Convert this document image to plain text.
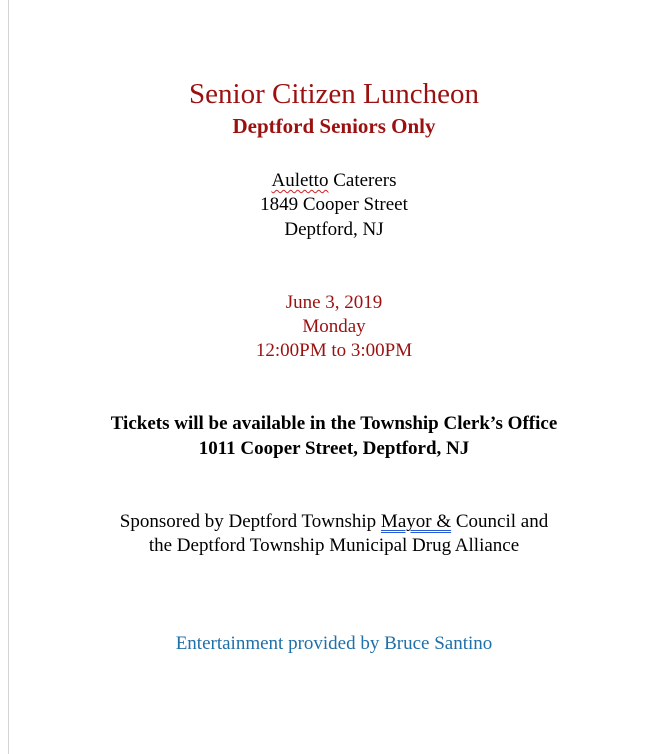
Senior Citizen Luncheon
Deptford Seniors Only
Auletto Caterers
1849 Cooper Street
Deptford, NJ
June 3, 2019
Monday
12:00PM to 3:00PM
Tickets will be available in the Township Clerk’s Office
1011 Cooper Street, Deptford, NJ
Sponsored by Deptford Township Mayor & Council and
the Deptford Township Municipal Drug Alliance
Entertainment provided by Bruce Santino
